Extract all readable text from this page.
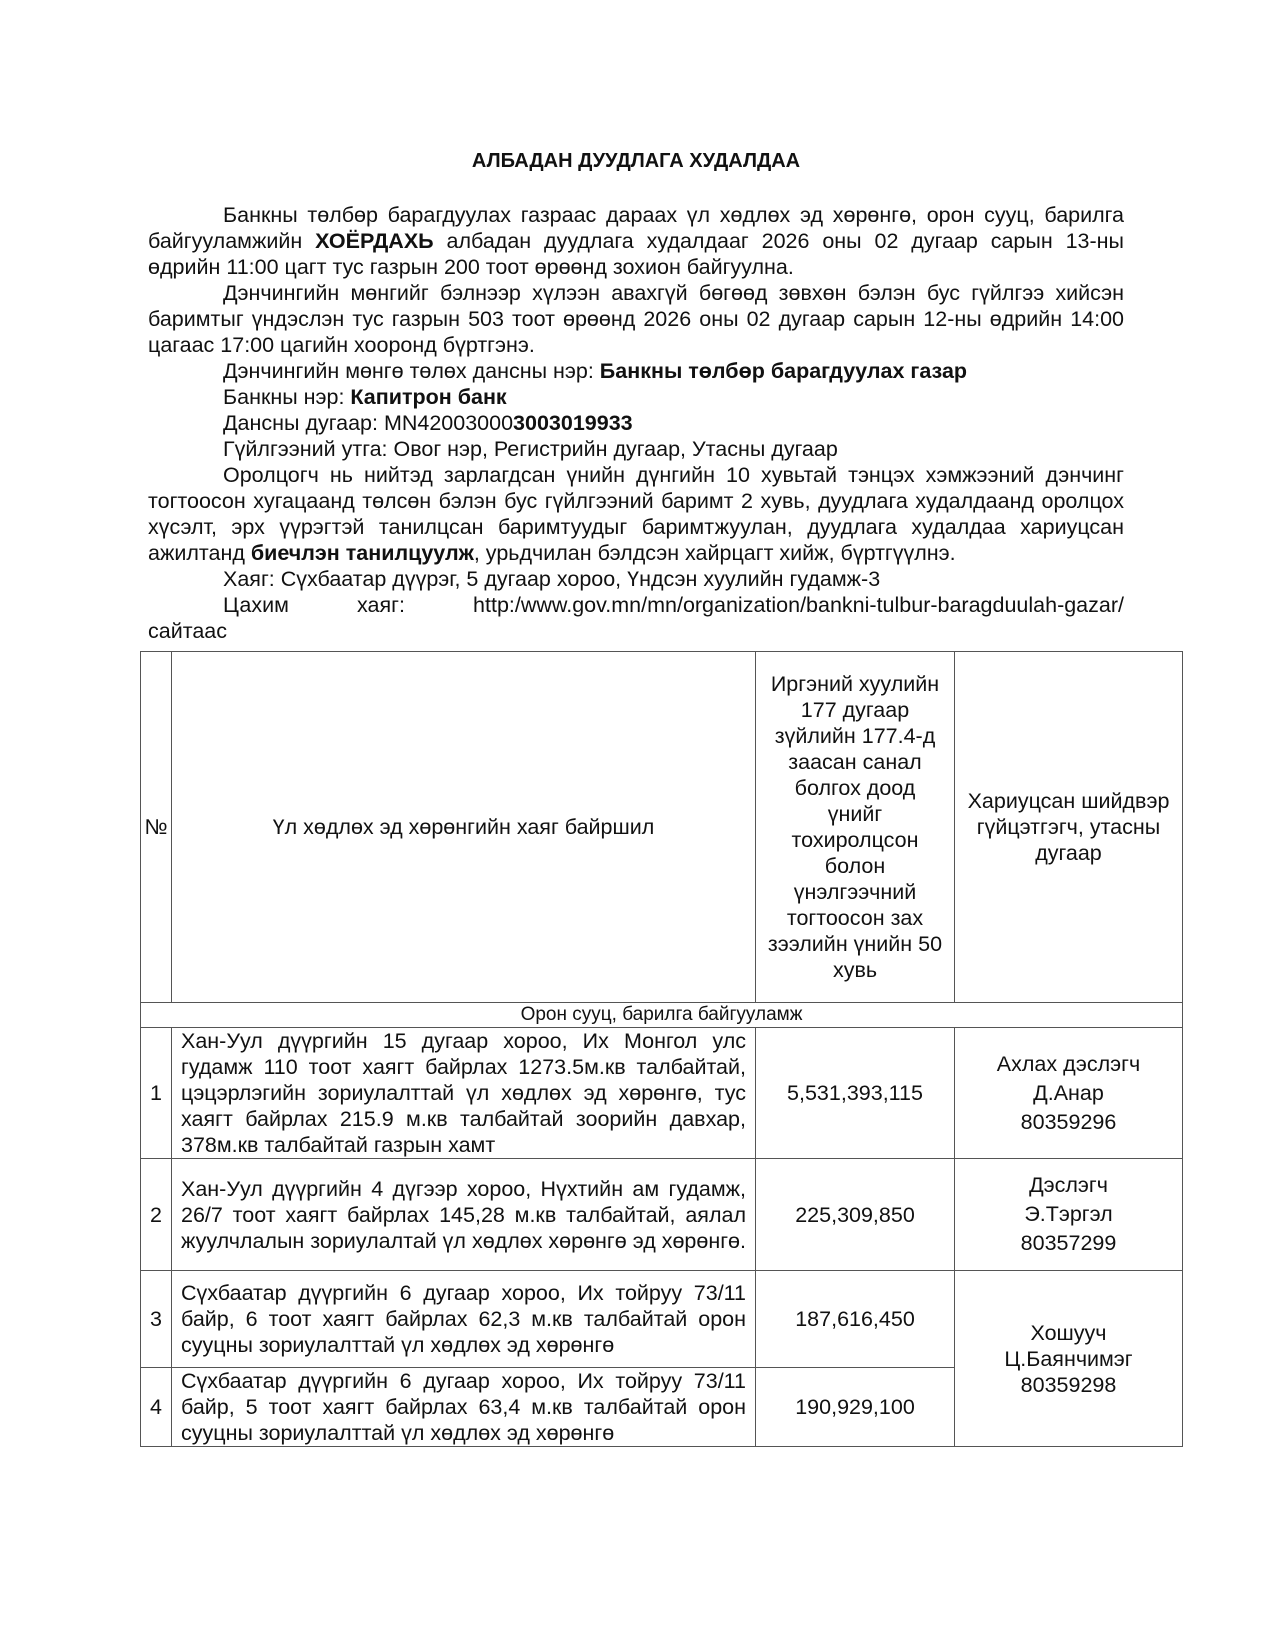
АЛБАДАН ДУУДЛАГА ХУДАЛДАА

Банкны төлбөр барагдуулах газраас дараах үл хөдлөх эд хөрөнгө, орон сууц, барилга байгууламжийн ХОЁРДАХЬ албадан дуудлага худалдааг 2026 оны 02 дугаар сарын 13-ны өдрийн 11:00 цагт тус газрын 200 тоот өрөөнд зохион байгуулна.

Дэнчингийн мөнгийг бэлнээр хүлээн авахгүй бөгөөд зөвхөн бэлэн бус гүйлгээ хийсэн баримтыг үндэслэн тус газрын 503 тоот өрөөнд 2026 оны 02 дугаар сарын 12-ны өдрийн 14:00 цагаас 17:00 цагийн хооронд бүртгэнэ.

Дэнчингийн мөнгө төлөх дансны нэр: Банкны төлбөр барагдуулах газар

Банкны нэр: Капитрон банк

Дансны дугаар: MN420030003003019933

Гүйлгээний утга: Овог нэр, Регистрийн дугаар, Утасны дугаар

Оролцогч нь нийтэд зарлагдсан үнийн дүнгийн 10 хувьтай тэнцэх хэмжээний дэнчинг тогтоосон хугацаанд төлсөн бэлэн бус гүйлгээний баримт 2 хувь, дуудлага худалдаанд оролцох хүсэлт, эрх үүрэгтэй танилцсан баримтуудыг баримтжуулан, дуудлага худалдаа хариуцсан ажилтанд биечлэн танилцуулж, урьдчилан бэлдсэн хайрцагт хийж, бүртгүүлнэ.

Хаяг: Сүхбаатар дүүрэг, 5 дугаар хороо, Үндсэн хуулийн гудамж-3

Цахим	хаяг:	http:/www.gov.mn/mn/organization/bankni-tulbur-baragduulah-gazar/

сайтаас

№	Үл хөдлөх эд хөрөнгийн хаяг байршил	Иргэний хуулийн 177 дугаар зүйлийн 177.4-д заасан санал болгох доод үнийг тохиролцсон болон үнэлгээчний тогтоосон зах зээлийн үнийн 50 хувь	Хариуцсан шийдвэр гүйцэтгэгч, утасны дугаар
Орон сууц, барилга байгууламж			
1	Хан-Уул дүүргийн 15 дугаар хороо, Их Монгол улс гудамж 110 тоот хаягт байрлах 1273.5м.кв талбайтай, цэцэрлэгийн зориулалттай үл хөдлөх эд хөрөнгө, тус хаягт байрлах 215.9 м.кв талбайтай зоорийн давхар, 378м.кв талбайтай газрын хамт	5,531,393,115	
Ахлах дэслэгч
Д.Анар
80359296

2	Хан-Уул дүүргийн 4 дүгээр хороо, Нүхтийн ам гудамж, 26/7 тоот хаягт байрлах 145,28 м.кв талбайтай, аялал жуулчлалын зориулалтай үл хөдлөх хөрөнгө эд хөрөнгө.	225,309,850	Дэслэгч
Э.Тэргэл
80357299

3	Сүхбаатар дүүргийн 6 дугаар хороо, Их тойруу 73/11 байр, 6 тоот хаягт байрлах 62,3 м.кв талбайтай орон сууцны зориулалттай үл хөдлөх эд хөрөнгө	187,616,450	Хошууч
Ц.Баянчимэг
80359298

4	Сүхбаатар дүүргийн 6 дугаар хороо, Их тойруу 73/11 байр, 5 тоот хаягт байрлах 63,4 м.кв талбайтай орон сууцны зориулалттай үл хөдлөх эд хөрөнгө	190,929,100	
